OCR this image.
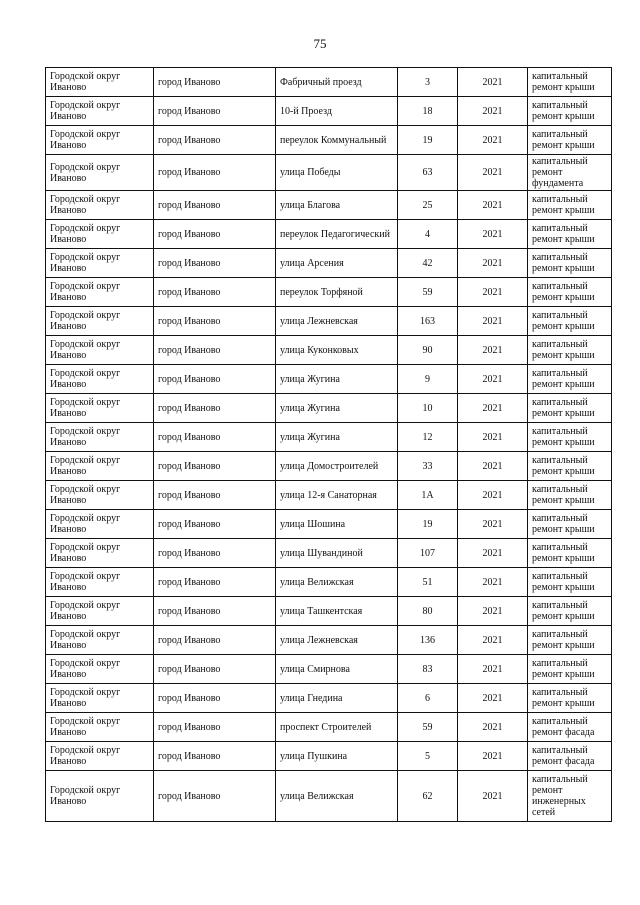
75
Городской округ Иваново	город Иваново	Фабричный проезд	3	2021	капитальный ремонт крыши
Городской округ Иваново	город Иваново	10-й Проезд	18	2021	капитальный ремонт крыши
Городской округ Иваново	город Иваново	переулок Коммунальный	19	2021	капитальный ремонт крыши
Городской округ Иваново	город Иваново	улица Победы	63	2021	капитальный ремонт фундамента
Городской округ Иваново	город Иваново	улица Благова	25	2021	капитальный ремонт крыши
Городской округ Иваново	город Иваново	переулок Педагогический	4	2021	капитальный ремонт крыши
Городской округ Иваново	город Иваново	улица Арсения	42	2021	капитальный ремонт крыши
Городской округ Иваново	город Иваново	переулок Торфяной	59	2021	капитальный ремонт крыши
Городской округ Иваново	город Иваново	улица Лежневская	163	2021	капитальный ремонт крыши
Городской округ Иваново	город Иваново	улица Куконковых	90	2021	капитальный ремонт крыши
Городской округ Иваново	город Иваново	улица Жугина	9	2021	капитальный ремонт крыши
Городской округ Иваново	город Иваново	улица Жугина	10	2021	капитальный ремонт крыши
Городской округ Иваново	город Иваново	улица Жугина	12	2021	капитальный ремонт крыши
Городской округ Иваново	город Иваново	улица Домостроителей	33	2021	капитальный ремонт крыши
Городской округ Иваново	город Иваново	улица 12-я Санаторная	1А	2021	капитальный ремонт крыши
Городской округ Иваново	город Иваново	улица Шошина	19	2021	капитальный ремонт крыши
Городской округ Иваново	город Иваново	улица Шувандиной	107	2021	капитальный ремонт крыши
Городской округ Иваново	город Иваново	улица Велижская	51	2021	капитальный ремонт крыши
Городской округ Иваново	город Иваново	улица Ташкентская	80	2021	капитальный ремонт крыши
Городской округ Иваново	город Иваново	улица Лежневская	136	2021	капитальный ремонт крыши
Городской округ Иваново	город Иваново	улица Смирнова	83	2021	капитальный ремонт крыши
Городской округ Иваново	город Иваново	улица Гнедина	6	2021	капитальный ремонт крыши
Городской округ Иваново	город Иваново	проспект Строителей	59	2021	капитальный ремонт фасада
Городской округ Иваново	город Иваново	улица Пушкина	5	2021	капитальный ремонт фасада
Городской округ Иваново	город Иваново	улица Велижская	62	2021	капитальный ремонт инженерных сетей
